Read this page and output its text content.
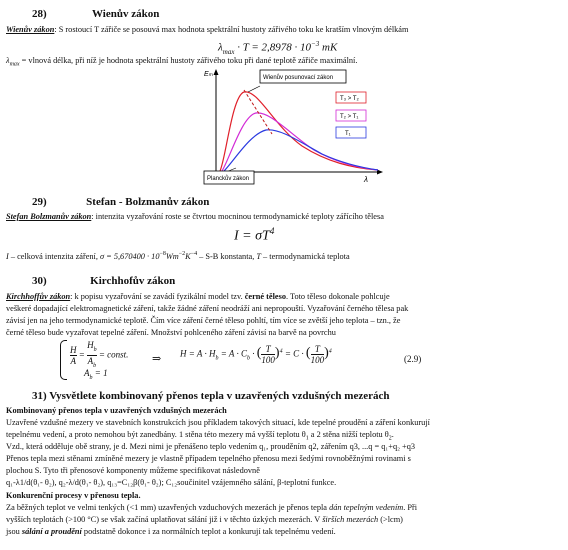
28)	Wienův zákon
Wienův zákon: S rostoucí T zářiče se posouvá max hodnota spektrální hustoty zářivého toku ke kratším vlnovým délkám
$\lambda_{max} \cdot T = 2,8978 \cdot 10^{-3}$ mK
$\lambda_{max}$ = vlnová délka, při níž je hodnota spektrální hustoty zářivého toku při dané teplotě zářiče maximální.
Eₘ
λ
Wienův posunovací zákon
T₃ > T₂
T₂ > T₁
T₁
Planckův zákon
29)	Stefan - Bolzmanův zákon
Stefan Bolzmanův zákon: intenzita vyzařování roste se čtvrtou mocninou termodynamické teploty zářícího tělesa
$I = \sigma T^4$
I – celková intenzita záření, $\sigma = 5,670400 \cdot 10^{-8}Wm^{-2}K^{-4} - S-B$ konstanta, T – termodynamická teplota
30)	Kirchhofův zákon
Kirchhoffův zákon: k popisu vyzařování se zavádí fyzikální model tzv. černé těleso. Toto těleso dokonale pohlcuje
veškeré dopadající elektromagnetické záření, takže žádné záření neodráží ani nepropouští. Vyzařování černého tělesa pak
závisí jen na jeho termodynamické teplotě. Čím více záření černé těleso pohltí, tím více se zvětší jeho teplota – tzn., že
černé těleso bude vyzařovat tepelné záření. Množství pohlceného záření závisí na barvě na povrchu
$\frac{H}{A} = \frac{H_b}{A_b}$ = const.
$A_b = 1$
⇒ $H = A \cdot H_b = A \cdot C_b$ · ( $\frac{T}{100} )^4 = C$ · ( $\frac{T}{100} )^4$
(2.9)
31) Vysvětlete kombinovaný přenos tepla v uzavřených vzdušných mezerách
Kombinovaný přenos tepla v uzavřených vzdušných mezerách
Uzavřené vzdušné mezery ve stavebních konstrukcích jsou příkladem takových situací, kde tepelné proudění a záření konkurují
tepelnému vedení, a proto nemohou být zanedbány. 1 stěna této mezery má vyšší teplotu $\theta_1$ a 2 stěna nižší teplotu $\theta_2$.
Vzd., která odděluje obě strany, je d. Mezi nimi je přenášeno teplo vedením q₁, prouděním q2, zářením q3, ...q = q₁+q₂ +q3
Přenos tepla mezi stěnami zmíněné mezery je vlastně případem tepelného přenosu mezi šedými rovnoběžnými rovinami s
plochou S. Tyto tři přenosové komponenty můžeme specifikovat následovně
q₁-λ1/d(θ₁- θ₂), q₂-λ/d(θ₁- θ₂), q₁₃=C₁₂β(θ₁- θ₂); C₁₂součinitel vzájemného sálání, β-teplotní funkce.
Konkurenční procesy v přenosu tepla.
Za běžných teplot ve velmi tenkých (<1 mm) uzavřených vzduchových mezerách je přenos tepla dán tepelným vedením. Při
vyšších teplotách (>100 °C) se však začíná uplatňovat sálání již i v těchto úzkých mezerách. V širších mezerách (>lcm)
jsou sálání a proudění podstatně dokonce i za normálních teplot a konkurují tak tepelnému vedení.
